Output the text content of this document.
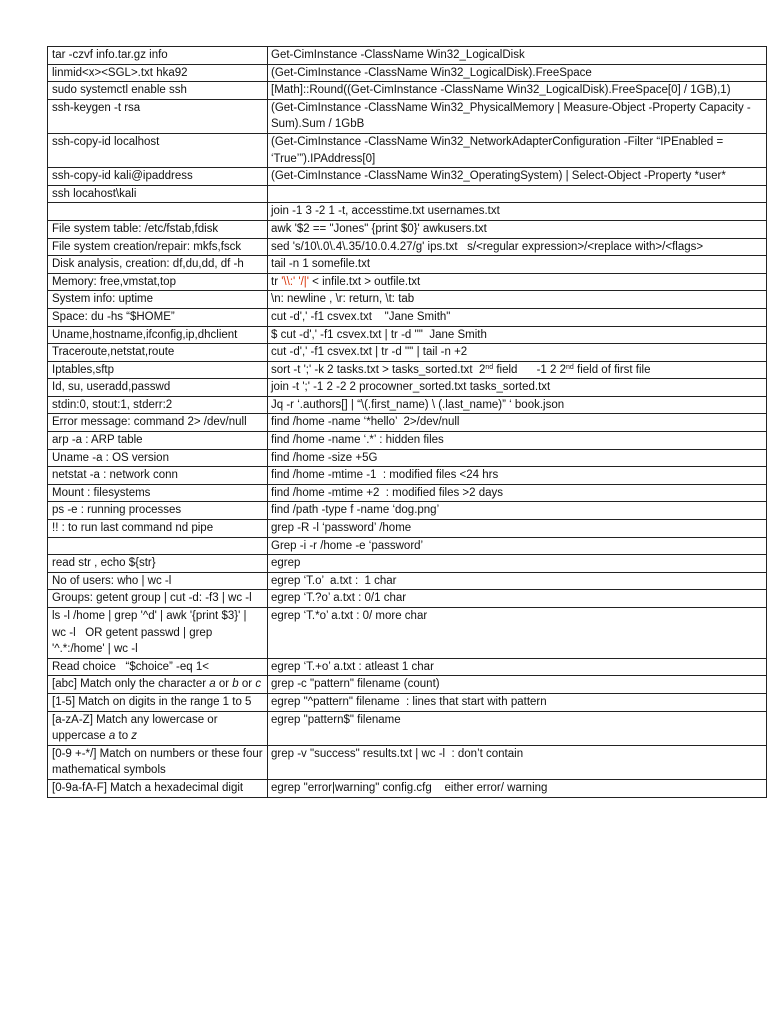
tar -czvf info.tar.gz info	Get-CimInstance -ClassName Win32_LogicalDisk
linmid<x><SGL>.txt hka92	(Get-CimInstance -ClassName Win32_LogicalDisk).FreeSpace
sudo systemctl enable ssh	[Math]::Round((Get-CimInstance -ClassName Win32_LogicalDisk).FreeSpace[0] / 1GB),1)
ssh-keygen -t rsa	(Get-CimInstance -ClassName Win32_PhysicalMemory | Measure-Object -Property Capacity -Sum).Sum / 1GbB
ssh-copy-id localhost	(Get-CimInstance -ClassName Win32_NetworkAdapterConfiguration -Filter “IPEnabled = ‘True’”).IPAddress[0]
ssh-copy-id kali@ipaddress	(Get-CimInstance -ClassName Win32_OperatingSystem) | Select-Object -Property *user*
ssh locahost\kali	
	join -1 3 -2 1 -t, accesstime.txt usernames.txt
File system table: /etc/fstab,fdisk	awk '$2 == "Jones" {print $0}' awkusers.txt
File system creation/repair: mkfs,fsck	sed 's/10\.0\.4\.35/10.0.4.27/g' ips.txt   s/<regular expression>/<replace with>/<flags>
Disk analysis, creation: df,du,dd, df -h	tail -n 1 somefile.txt
Memory: free,vmstat,top	tr '\\:' '/|' < infile.txt > outfile.txt
System info: uptime	\n: newline , \r: return, \t: tab
Space: du -hs “$HOME”	cut -d',' -f1 csvex.txt    "Jane Smith"
Uname,hostname,ifconfig,ip,dhclient	$ cut -d',' -f1 csvex.txt | tr -d '"'  Jane Smith
Traceroute,netstat,route	cut -d',' -f1 csvex.txt | tr -d '"' | tail -n +2
Iptables,sftp	sort -t ';' -k 2 tasks.txt > tasks_sorted.txt  2nd field      -1 2 2nd field of first file
Id, su, useradd,passwd	join -t ';' -1 2 -2 2 procowner_sorted.txt tasks_sorted.txt
stdin:0, stout:1, stderr:2	Jq -r ‘.authors[] | “\(.first_name) \ (.last_name)” ‘ book.json
Error message: command 2> /dev/null	find /home -name ‘*hello’  2>/dev/null
arp -a : ARP table	find /home -name ‘.*’ : hidden files
Uname -a : OS version	find /home -size +5G
netstat -a : network conn	find /home -mtime -1  : modified files <24 hrs
Mount : filesystems	find /home -mtime +2  : modified files >2 days
ps -e : running processes	find /path -type f -name ‘dog.png’
!! : to run last command nd pipe	grep -R -l ‘password’ /home
	Grep -i -r /home -e ‘password’
read str , echo ${str}	egrep
No of users: who | wc -l	egrep ‘T.o’  a.txt :  1 char
Groups: getent group | cut -d: -f3 | wc -l	egrep ‘T.?o’ a.txt : 0/1 char
ls -l /home | grep '^d' | awk '{print $3}' | wc -l   OR getent passwd | grep '^.*:/home' | wc -l	egrep ‘T.*o’ a.txt : 0/ more char
Read choice   “$choice” -eq 1<	egrep ‘T.+o’ a.txt : atleast 1 char
[abc] Match only the character a or b or c	grep -c "pattern" filename (count)
[1-5] Match on digits in the range 1 to 5	egrep "^pattern" filename  : lines that start with pattern
[a-zA-Z] Match any lowercase or uppercase a to z	egrep "pattern$" filename
[0-9 +-*/] Match on numbers or these four mathematical symbols	grep -v "success" results.txt | wc -l  : don’t contain
[0-9a-fA-F] Match a hexadecimal digit	egrep "error|warning" config.cfg    either error/ warning
